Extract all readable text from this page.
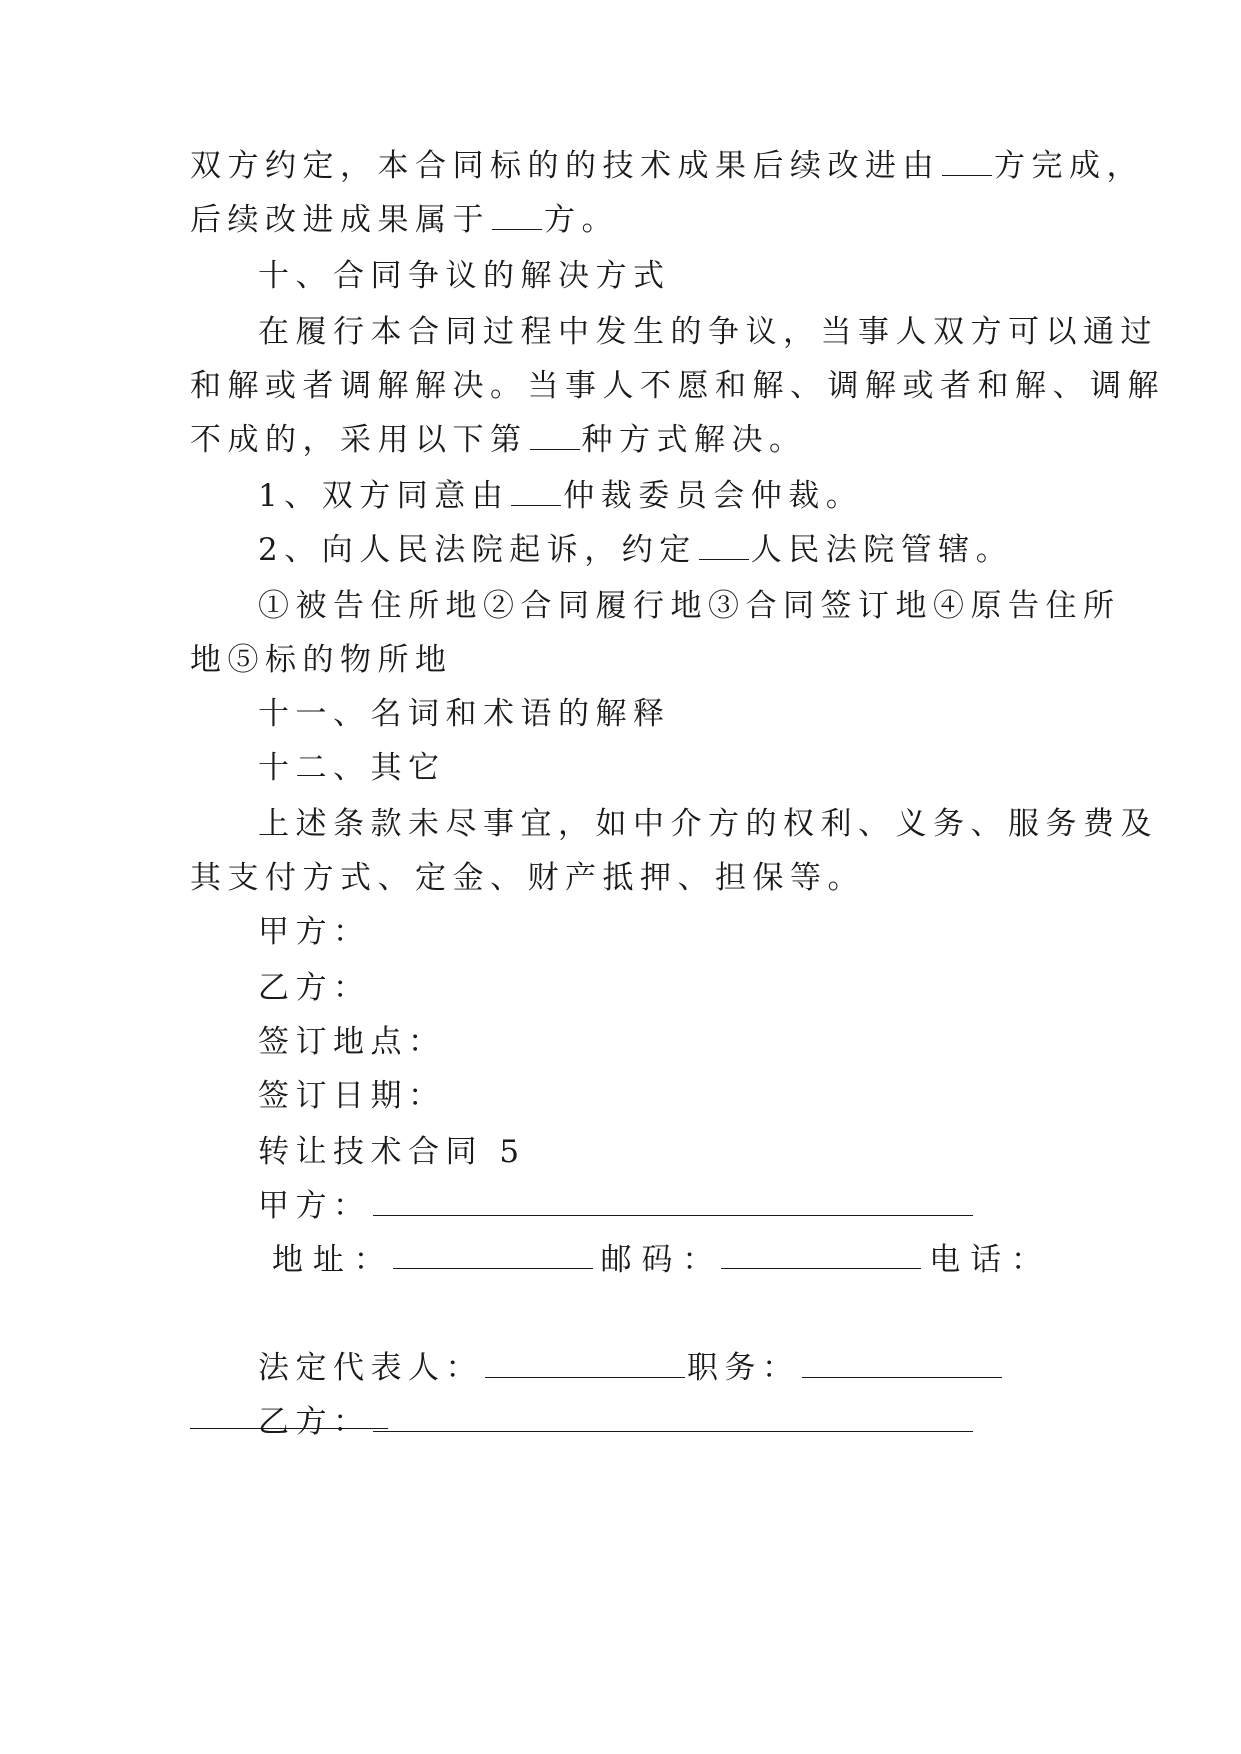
双方约定，本合同标的的技术成果后续改进由 方完成，
后续改进成果属于 方。
十、合同争议的解决方式
在履行本合同过程中发生的争议，当事人双方可以通过
和解或者调解解决。当事人不愿和解、调解或者和解、调解
不成的，采用以下第 种方式解决。
1、双方同意由 仲裁委员会仲裁。
2、向人民法院起诉，约定 人民法院管辖。
①被告住所地②合同履行地③合同签订地④原告住所
地⑤标的物所地
十一、名词和术语的解释
十二、其它
上述条款未尽事宜，如中介方的权利、义务、服务费及
其支付方式、定金、财产抵押、担保等。
甲方：
乙方：
签订地点：
签订日期：
转让技术合同 5
甲方：
地 址 ：	邮 码 ：	电 话 ：
法定代表人：	职务：
乙方：
